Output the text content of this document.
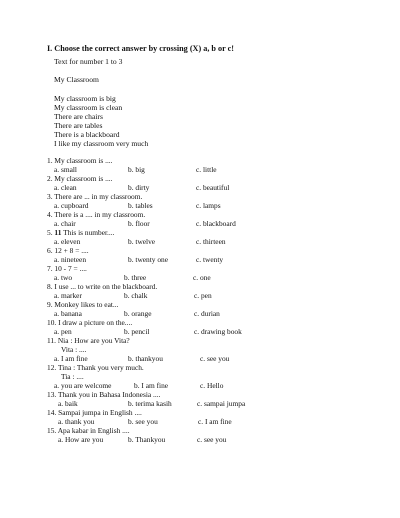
I. Choose the correct answer by crossing (X) a, b or c!
Text for number 1 to 3
My Classroom
My classroom is big
My classroom is clean
There are chairs
There are tables
There is a blackboard
I like my classroom very much
1. My classroom is ....
a. small	b. big	c. little
2. My classroom is ....
a. clean	b. dirty	c. beautiful
3. There are ... in my classroom.
a. cupboard	b. tables	c. lamps
4. There is a .... in my classroom.
a. chair	b. floor	c. blackboard
5. 11 This is number....
a. eleven	b. twelve	c. thirteen
6. 12 + 8 = ....
a. nineteen	b. twenty one	c. twenty
7. 10 - 7 = ....
a. two	b. three	c. one
8. I use ... to write on the blackboard.
a. marker	b. chalk	c. pen
9. Monkey likes to eat...
a. banana	b. orange	c. durian
10. I draw a picture on the....
a. pen	b. pencil	c. drawing book
11. Nia : How are you Vita?
Vita : ....
a. I am fine	b. thankyou	c. see you
12. Tina : Thank you very much.
Tia : ....
a. you are welcome	b. I am fine	c. Hello
13. Thank you in Bahasa Indonesia ....
a. baik	b. terima kasih	c. sampai jumpa
14. Sampai jumpa in English ....
a. thank you	b. see you	c. I am fine
15. Apa kabar in English ....
a. How are you	b. Thankyou	c. see you
